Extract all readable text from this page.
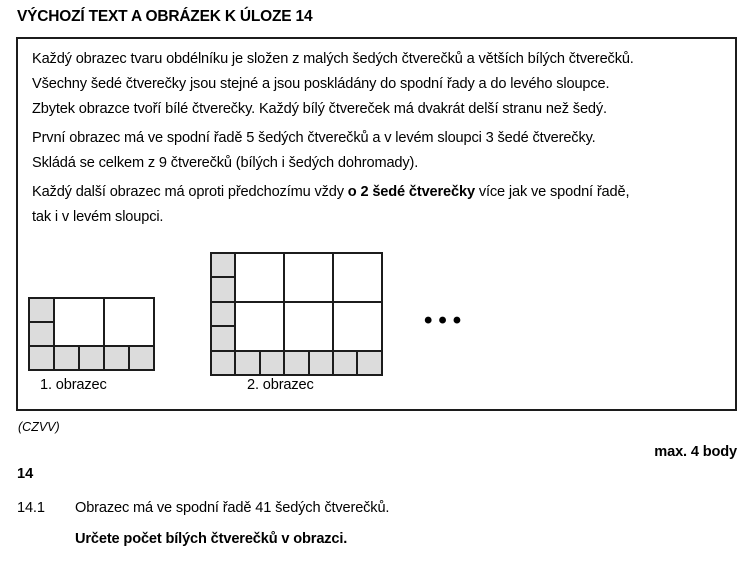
VÝCHOZÍ TEXT A OBRÁZEK K ÚLOZE 14
Každý obrazec tvaru obdélníku je složen z malých šedých čtverečků a větších bílých čtverečků.
Všechny šedé čtverečky jsou stejné a jsou poskládány do spodní řady a do levého sloupce.
Zbytek obrazce tvoří bílé čtverečky. Každý bílý čtvereček má dvakrát delší stranu než šedý.
První obrazec má ve spodní řadě 5 šedých čtverečků a v levém sloupci 3 šedé čtverečky.
Skládá se celkem z 9 čtverečků (bílých i šedých dohromady).
Každý další obrazec má oproti předchozímu vždy o 2 šedé čtverečky více jak ve spodní řadě,
tak i v levém sloupci.
1. obrazec	2. obrazec
•••
(CZVV)
max. 4 body
14
14.1 Obrazec má ve spodní řadě 41 šedých čtverečků.
Určete počet bílých čtverečků v obrazci.
